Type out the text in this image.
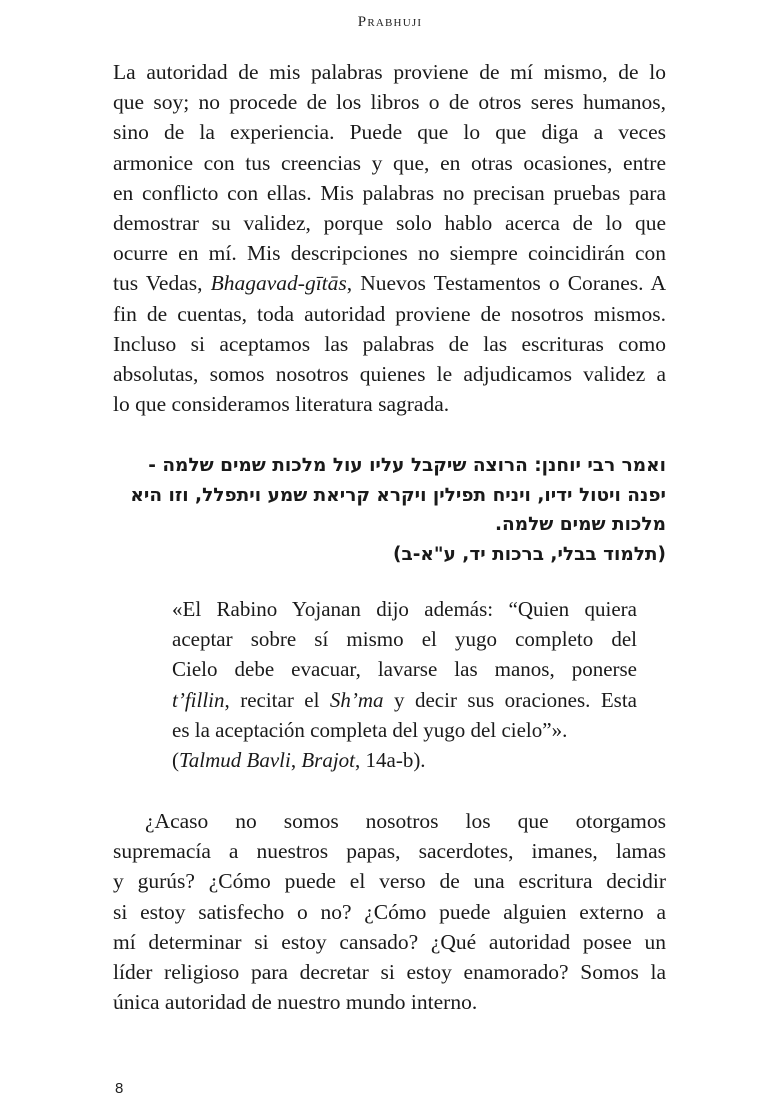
Prabhuji
La autoridad de mis palabras proviene de mí mismo, de lo
que soy; no procede de los libros o de otros seres humanos,
sino de la experiencia. Puede que lo que diga a veces
armonice con tus creencias y que, en otras ocasiones, entre
en conflicto con ellas. Mis palabras no precisan pruebas para
demostrar su validez, porque solo hablo acerca de lo que
ocurre en mí. Mis descripciones no siempre coincidirán con
tus Vedas, Bhagavad-gītās, Nuevos Testamentos o Coranes. A
fin de cuentas, toda autoridad proviene de nosotros mismos.
Incluso si aceptamos las palabras de las escrituras como
absolutas, somos nosotros quienes le adjudicamos validez a
lo que consideramos literatura sagrada.
ואמר רבי יוחנן: הרוצה שיקבל עליו עול מלכות שמים שלמה -
יפנה ויטול ידיו, ויניח תפילין ויקרא קריאת שמע ויתפלל, וזו היא
מלכות שמים שלמה.
(תלמוד בבלי, ברכות יד, ע"א-ב)
«El Rabino Yojanan dijo además: “Quien quiera
aceptar sobre sí mismo el yugo completo del
Cielo debe evacuar, lavarse las manos, ponerse
t’fillin, recitar el Sh’ma y decir sus oraciones. Esta
es la aceptación completa del yugo del cielo”».
(Talmud Bavli, Brajot, 14a-b).
¿Acaso no somos nosotros los que otorgamos
supremacía a nuestros papas, sacerdotes, imanes, lamas
y gurús? ¿Cómo puede el verso de una escritura decidir
si estoy satisfecho o no? ¿Cómo puede alguien externo a
mí determinar si estoy cansado? ¿Qué autoridad posee un
líder religioso para decretar si estoy enamorado? Somos la
única autoridad de nuestro mundo interno.
8
